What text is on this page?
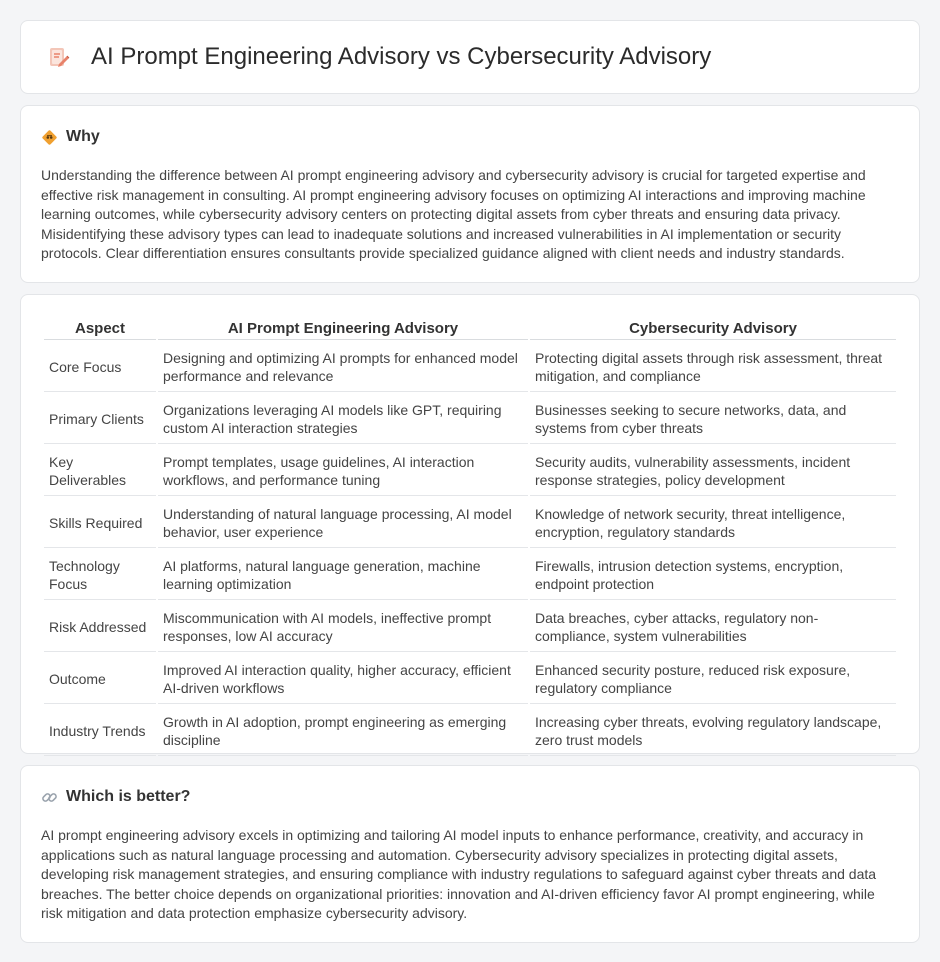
AI Prompt Engineering Advisory vs Cybersecurity Advisory
Why

Understanding the difference between AI prompt engineering advisory and cybersecurity advisory is crucial for targeted expertise and effective risk management in consulting. AI prompt engineering advisory focuses on optimizing AI interactions and improving machine learning outcomes, while cybersecurity advisory centers on protecting digital assets from cyber threats and ensuring data privacy. Misidentifying these advisory types can lead to inadequate solutions and increased vulnerabilities in AI implementation or security protocols. Clear differentiation ensures consultants provide specialized guidance aligned with client needs and industry standards.

Aspect	AI Prompt Engineering Advisory	Cybersecurity Advisory
Core Focus	Designing and optimizing AI prompts for enhanced model performance and relevance	Protecting digital assets through risk assessment, threat mitigation, and compliance
Primary Clients	Organizations leveraging AI models like GPT, requiring custom AI interaction strategies	Businesses seeking to secure networks, data, and systems from cyber threats
Key Deliverables	Prompt templates, usage guidelines, AI interaction workflows, and performance tuning	Security audits, vulnerability assessments, incident response strategies, policy development
Skills Required	Understanding of natural language processing, AI model behavior, user experience	Knowledge of network security, threat intelligence, encryption, regulatory standards
Technology Focus	AI platforms, natural language generation, machine learning optimization	Firewalls, intrusion detection systems, encryption, endpoint protection
Risk Addressed	Miscommunication with AI models, ineffective prompt responses, low AI accuracy	Data breaches, cyber attacks, regulatory non-compliance, system vulnerabilities
Outcome	Improved AI interaction quality, higher accuracy, efficient AI-driven workflows	Enhanced security posture, reduced risk exposure, regulatory compliance
Industry Trends	Growth in AI adoption, prompt engineering as emerging discipline	Increasing cyber threats, evolving regulatory landscape, zero trust models
Which is better?

AI prompt engineering advisory excels in optimizing and tailoring AI model inputs to enhance performance, creativity, and accuracy in applications such as natural language processing and automation. Cybersecurity advisory specializes in protecting digital assets, developing risk management strategies, and ensuring compliance with industry regulations to safeguard against cyber threats and data breaches. The better choice depends on organizational priorities: innovation and AI-driven efficiency favor AI prompt engineering, while risk mitigation and data protection emphasize cybersecurity advisory.
